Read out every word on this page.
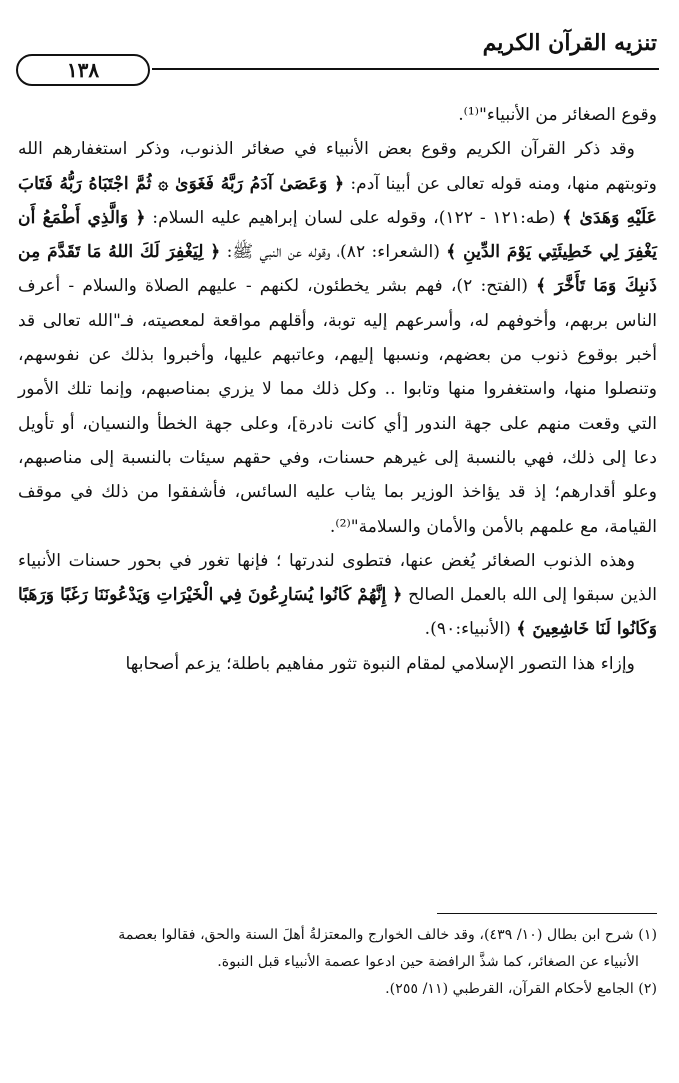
تنزيه القرآن الكريم
١٣٨

وقوع الصغائر من الأنبياء"⁽¹⁾.

وقد ذكر القرآن الكريم وقوع بعض الأنبياء في صغائر الذنوب، وذكر استغفارهم الله وتوبتهم منها، ومنه قوله تعالى عن أبينا آدم: ﴿ وَعَصَىٰ آدَمُ رَبَّهُ فَغَوَىٰ ۞ ثُمَّ اجْتَبَاهُ رَبُّهُ فَتَابَ عَلَيْهِ وَهَدَىٰ ﴾ (طه:١٢١ - ١٢٢)، وقوله على لسان إبراهيم عليه السلام: ﴿ وَالَّذِي أَطْمَعُ أَن يَغْفِرَ لِي خَطِيئَتِي يَوْمَ الدِّينِ ﴾ (الشعراء: ٨٢)، وقوله عن النبي ﷺ: ﴿ لِيَغْفِرَ لَكَ اللهُ مَا تَقَدَّمَ مِن ذَنبِكَ وَمَا تَأَخَّرَ ﴾ (الفتح: ٢)، فهم بشر يخطئون، لكنهم - عليهم الصلاة والسلام - أعرف الناس بربهم، وأخوفهم له، وأسرعهم إليه توبة، وأقلهم مواقعة لمعصيته، فـ"الله تعالى قد أخبر بوقوع ذنوب من بعضهم، ونسبها إليهم، وعاتبهم عليها، وأخبروا بذلك عن نفوسهم، وتنصلوا منها، واستغفروا منها وتابوا .. وكل ذلك مما لا يزري بمناصبهم، وإنما تلك الأمور التي وقعت منهم على جهة الندور [أي كانت نادرة]، وعلى جهة الخطأ والنسيان، أو تأويل دعا إلى ذلك، فهي بالنسبة إلى غيرهم حسنات، وفي حقهم سيئات بالنسبة إلى مناصبهم، وعلو أقدارهم؛ إذ قد يؤاخذ الوزير بما يثاب عليه السائس، فأشفقوا من ذلك في موقف القيامة، مع علمهم بالأمن والأمان والسلامة"⁽²⁾.

وهذه الذنوب الصغائر يُغض عنها، فتطوى لندرتها ؛ فإنها تغور في بحور حسنات الأنبياء الذين سبقوا إلى الله بالعمل الصالح ﴿ إِنَّهُمْ كَانُوا يُسَارِعُونَ فِي الْخَيْرَاتِ وَيَدْعُونَنَا رَغَبًا وَرَهَبًا وَكَانُوا لَنَا خَاشِعِينَ ﴾ (الأنبياء:٩٠).

وإزاء هذا التصور الإسلامي لمقام النبوة تثور مفاهيم باطلة؛ يزعم أصحابها

(١) شرح ابن بطال (١٠/ ٤٣٩)، وقد خالف الخوارج والمعتزلةُ أهلَ السنة والحق، فقالوا بعصمة

الأنبياء عن الصغائر، كما شذَّ الرافضة حين ادعوا عصمة الأنبياء قبل النبوة.

(٢) الجامع لأحكام القرآن، القرطبي (١١/ ٢٥٥).
